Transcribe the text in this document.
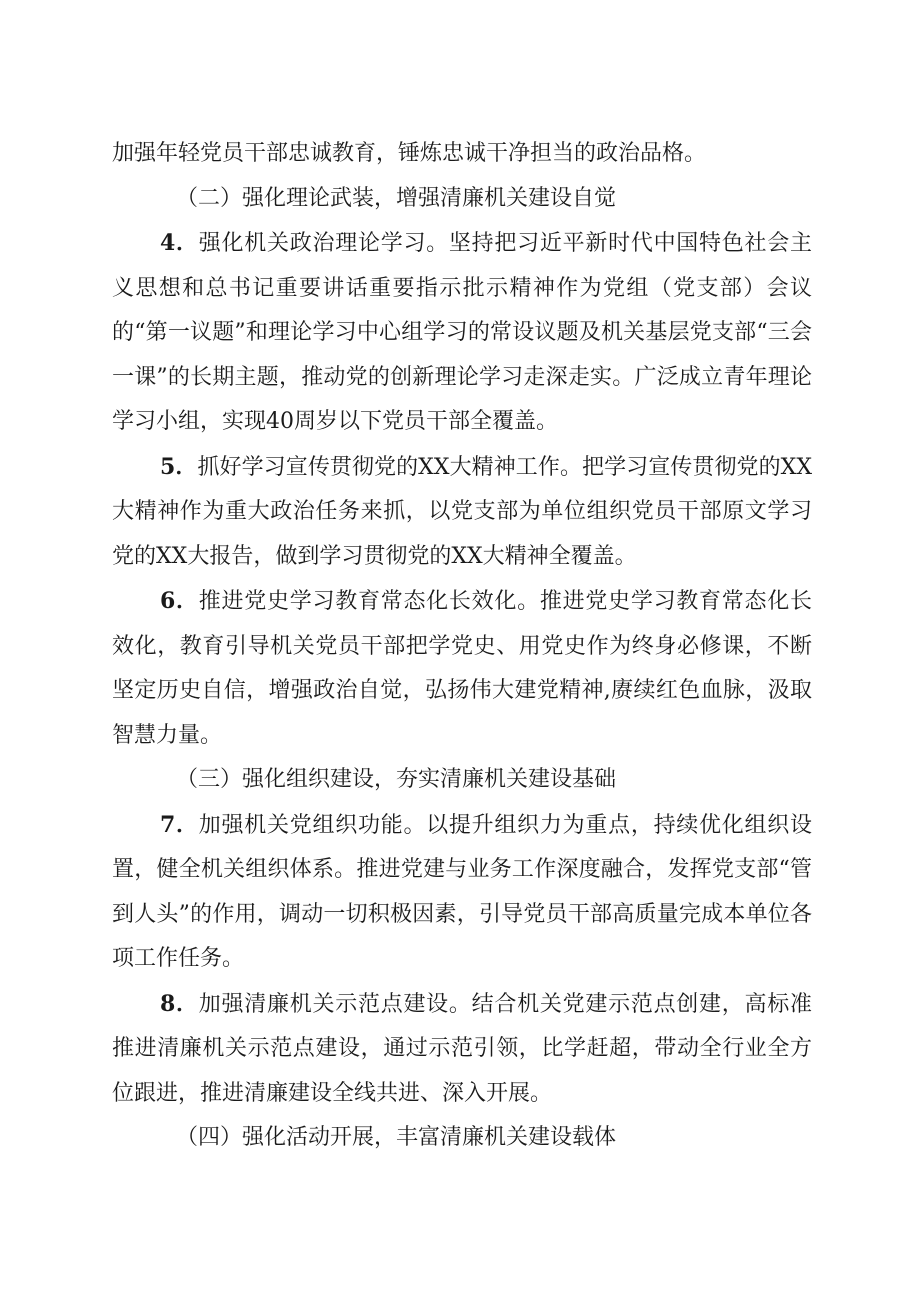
加强年轻党员干部忠诚教育，锤炼忠诚干净担当的政治品格。

（二）强化理论武装，增强清廉机关建设自觉

4．强化机关政治理论学习。坚持把习近平新时代中国特色社会主义思想和总书记重要讲话重要指示批示精神作为党组（党支部）会议的“第一议题”和理论学习中心组学习的常设议题及机关基层党支部“三会一课”的长期主题，推动党的创新理论学习走深走实。广泛成立青年理论学习小组，实现40周岁以下党员干部全覆盖。

5．抓好学习宣传贯彻党的XX大精神工作。把学习宣传贯彻党的XX大精神作为重大政治任务来抓，以党支部为单位组织党员干部原文学习党的XX大报告，做到学习贯彻党的XX大精神全覆盖。

6．推进党史学习教育常态化长效化。推进党史学习教育常态化长效化，教育引导机关党员干部把学党史、用党史作为终身必修课，不断坚定历史自信，增强政治自觉，弘扬伟大建党精神,赓续红色血脉，汲取智慧力量。

（三）强化组织建设，夯实清廉机关建设基础

7．加强机关党组织功能。以提升组织力为重点，持续优化组织设置，健全机关组织体系。推进党建与业务工作深度融合，发挥党支部“管到人头”的作用，调动一切积极因素，引导党员干部高质量完成本单位各项工作任务。

8．加强清廉机关示范点建设。结合机关党建示范点创建，高标准推进清廉机关示范点建设，通过示范引领，比学赶超，带动全行业全方位跟进，推进清廉建设全线共进、深入开展。

（四）强化活动开展，丰富清廉机关建设载体
